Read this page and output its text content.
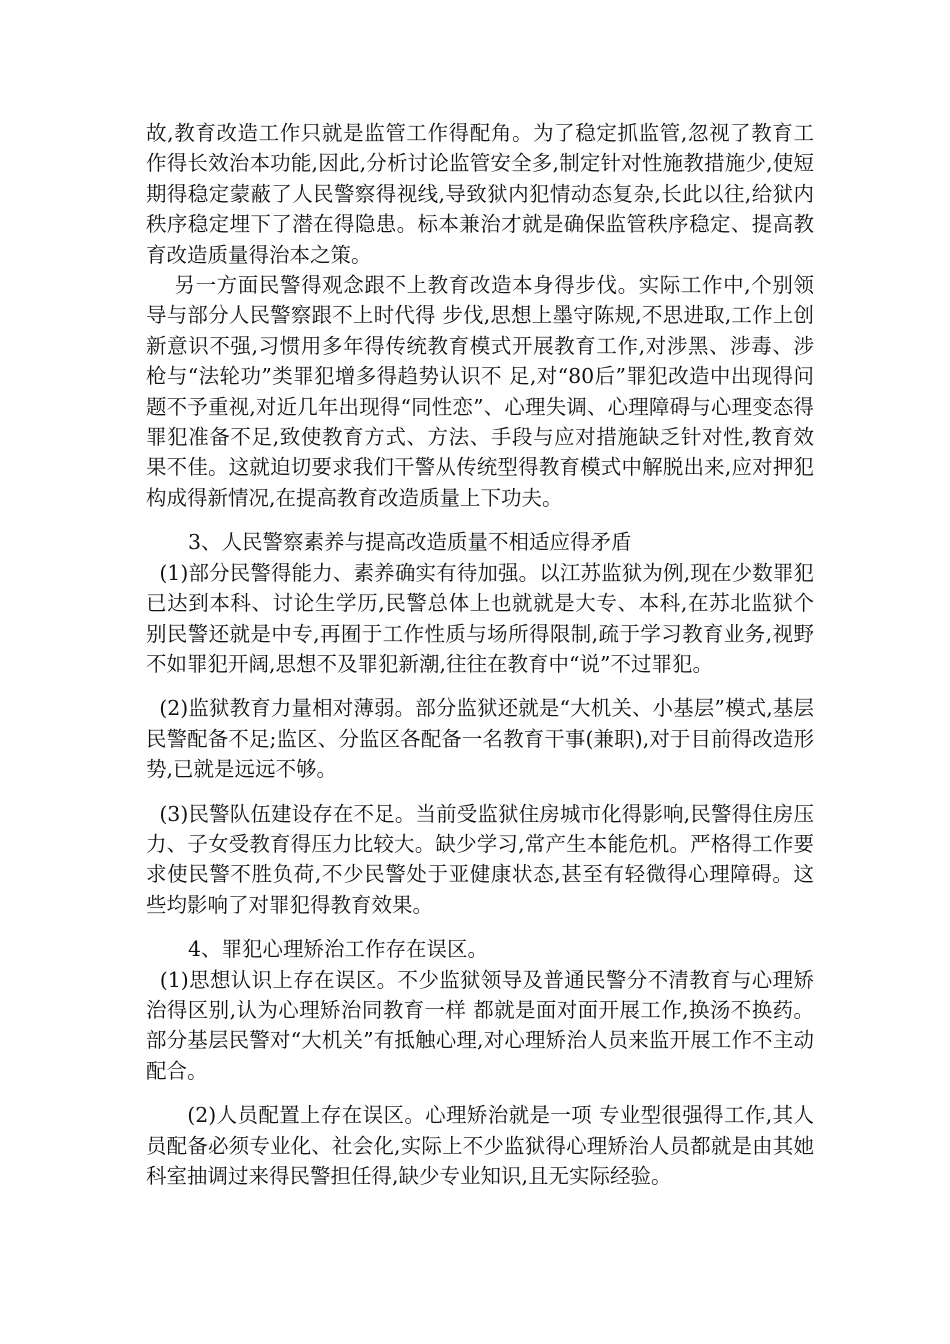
故,教育改造工作只就是监管工作得配角。为了稳定抓监管,忽视了教育工作得长效治本功能,因此,分析讨论监管安全多,制定针对性施教措施少,使短期得稳定蒙蔽了人民警察得视线,导致狱内犯情动态复杂,长此以往,给狱内秩序稳定埋下了潜在得隐患。标本兼治才就是确保监管秩序稳定、提高教育改造质量得治本之策。

另一方面民警得观念跟不上教育改造本身得步伐。实际工作中,个别领导与部分人民警察跟不上时代得 步伐,思想上墨守陈规,不思进取,工作上创新意识不强,习惯用多年得传统教育模式开展教育工作,对涉黑、涉毒、涉枪与“法轮功”类罪犯增多得趋势认识不 足,对“80后”罪犯改造中出现得问题不予重视,对近几年出现得“同性恋”、心理失调、心理障碍与心理变态得罪犯准备不足,致使教育方式、方法、手段与应对措施缺乏针对性,教育效果不佳。这就迫切要求我们干警从传统型得教育模式中解脱出来,应对押犯构成得新情况,在提高教育改造质量上下功夫。

3、人民警察素养与提高改造质量不相适应得矛盾

(1)部分民警得能力、素养确实有待加强。以江苏监狱为例,现在少数罪犯已达到本科、讨论生学历,民警总体上也就就是大专、本科,在苏北监狱个别民警还就是中专,再囿于工作性质与场所得限制,疏于学习教育业务,视野不如罪犯开阔,思想不及罪犯新潮,往往在教育中“说”不过罪犯。

(2)监狱教育力量相对薄弱。部分监狱还就是“大机关、小基层”模式,基层民警配备不足;监区、分监区各配备一名教育干事(兼职),对于目前得改造形势,已就是远远不够。

(3)民警队伍建设存在不足。当前受监狱住房城市化得影响,民警得住房压力、子女受教育得压力比较大。缺少学习,常产生本能危机。严格得工作要求使民警不胜负荷,不少民警处于亚健康状态,甚至有轻微得心理障碍。这些均影响了对罪犯得教育效果。

4、罪犯心理矫治工作存在误区。

(1)思想认识上存在误区。不少监狱领导及普通民警分不清教育与心理矫治得区别,认为心理矫治同教育一样 都就是面对面开展工作,换汤不换药。部分基层民警对“大机关”有抵触心理,对心理矫治人员来监开展工作不主动配合。

(2)人员配置上存在误区。心理矫治就是一项 专业型很强得工作,其人员配备必须专业化、社会化,实际上不少监狱得心理矫治人员都就是由其她科室抽调过来得民警担任得,缺少专业知识,且无实际经验。
